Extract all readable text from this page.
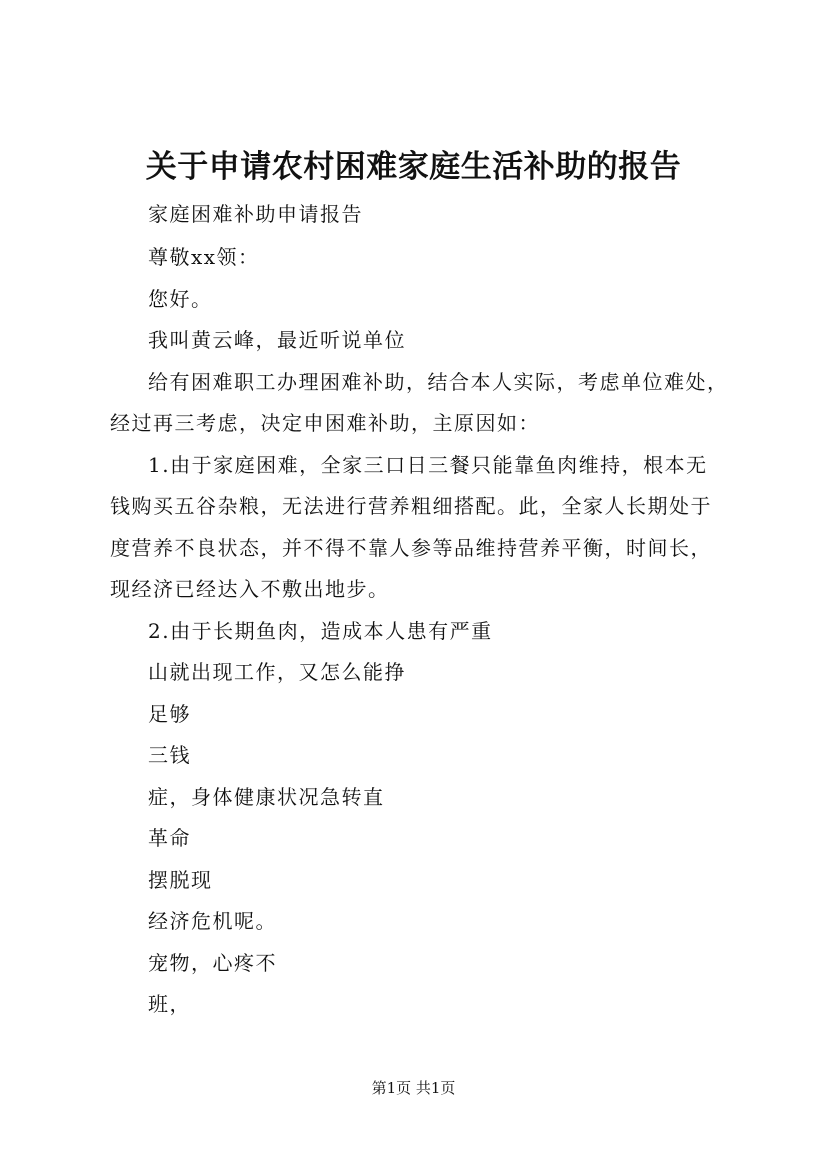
关于申请农村困难家庭生活补助的报告
家庭困难补助申请报告
尊敬xx领：
您好。
我叫黄云峰，最近听说单位
给有困难职工办理困难补助，结合本人实际，考虑单位难处，
经过再三考虑，决定申困难补助，主原因如：
1.由于家庭困难，全家三口日三餐只能靠鱼肉维持，根本无
钱购买五谷杂粮，无法进行营养粗细搭配。此，全家人长期处于
度营养不良状态，并不得不靠人参等品维持营养平衡，时间长，
现经济已经达入不敷出地步。
2.由于长期鱼肉，造成本人患有严重
山就出现工作，又怎么能挣
足够
三钱
症，身体健康状况急转直
革命
摆脱现
经济危机呢。
宠物，心疼不
班，
第1页 共1页
